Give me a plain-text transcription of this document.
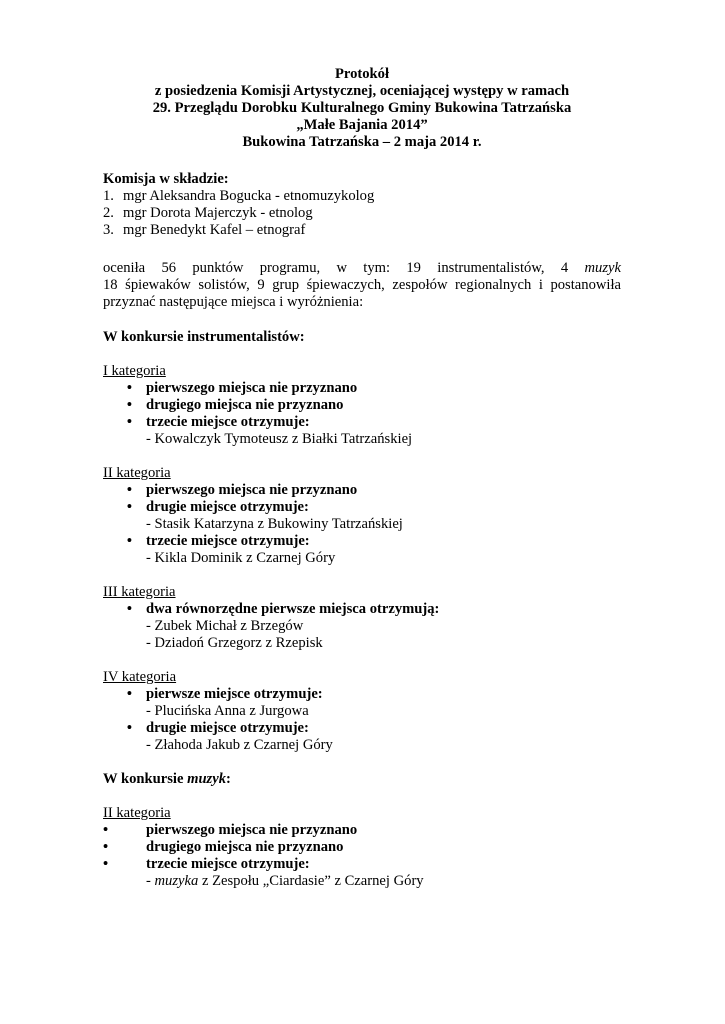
Protokół
z posiedzenia Komisji Artystycznej, oceniającej występy w ramach
29. Przeglądu Dorobku Kulturalnego Gminy Bukowina Tatrzańska
„Małe Bajania 2014”
Bukowina Tatrzańska – 2 maja 2014 r.
Komisja w składzie:
1. mgr Aleksandra Bogucka - etnomuzykolog
2. mgr Dorota Majerczyk - etnolog
3. mgr Benedykt Kafel – etnograf
oceniła 56 punktów programu, w tym: 19 instrumentalistów, 4 muzyk
18 śpiewaków solistów, 9 grup śpiewaczych, zespołów regionalnych i postanowiła
przyznać następujące miejsca i wyróżnienia:
W konkursie instrumentalistów:
I kategoria
• pierwszego miejsca nie przyznano
• drugiego miejsca nie przyznano
• trzecie miejsce otrzymuje:
- Kowalczyk Tymoteusz z Białki Tatrzańskiej
II kategoria
• pierwszego miejsca nie przyznano
• drugie miejsce otrzymuje:
- Stasik Katarzyna z Bukowiny Tatrzańskiej
• trzecie miejsce otrzymuje:
- Kikla Dominik z Czarnej Góry
III kategoria
• dwa równorzędne pierwsze miejsca otrzymują:
- Zubek Michał z Brzegów
- Dziadoń Grzegorz z Rzepisk
IV kategoria
• pierwsze miejsce otrzymuje:
- Plucińska Anna z Jurgowa
• drugie miejsce otrzymuje:
- Złahoda Jakub z Czarnej Góry
W konkursie muzyk:
II kategoria
•	pierwszego miejsca nie przyznano
•	drugiego miejsca nie przyznano
•	trzecie miejsce otrzymuje:
- muzyka z Zespołu „Ciardasie” z Czarnej Góry
